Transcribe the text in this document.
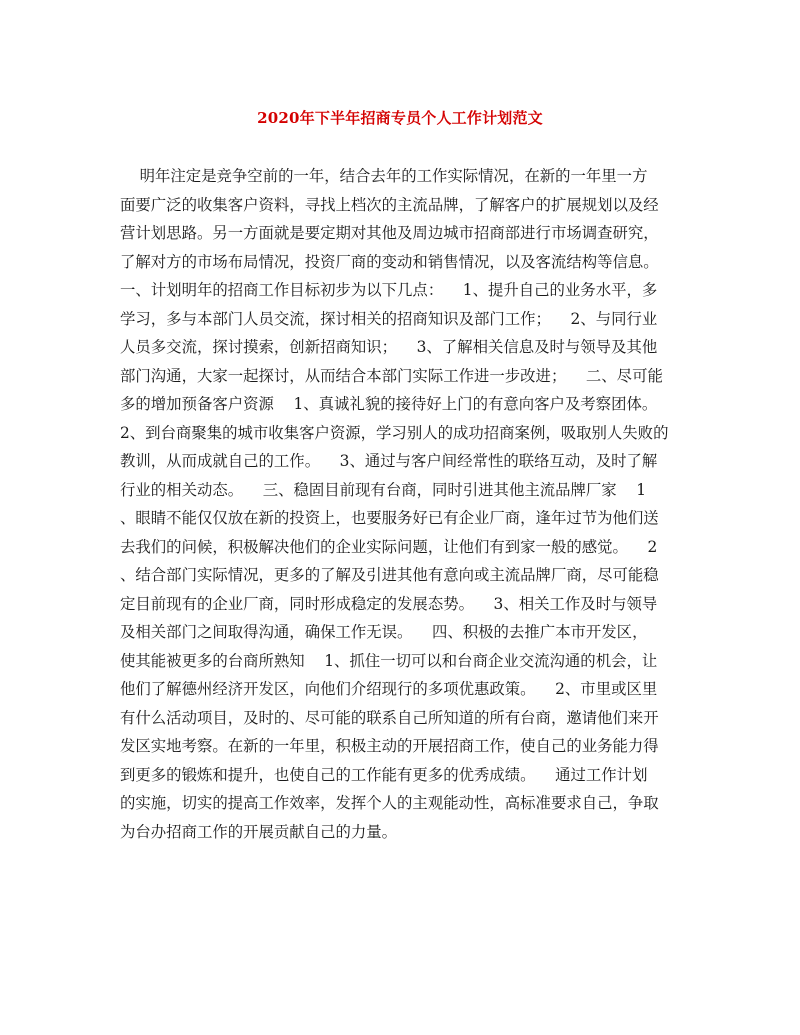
2020年下半年招商专员个人工作计划范文
明年注定是竞争空前的一年，结合去年的工作实际情况，在新的一年里一方
面要广泛的收集客户资料，寻找上档次的主流品牌，了解客户的扩展规划以及经
营计划思路。另一方面就是要定期对其他及周边城市招商部进行市场调查研究，
了解对方的市场布局情况，投资厂商的变动和销售情况，以及客流结构等信息。
一、计划明年的招商工作目标初步为以下几点：    1、提升自己的业务水平，多
学习，多与本部门人员交流，探讨相关的招商知识及部门工作；    2、与同行业
人员多交流，探讨摸索，创新招商知识；    3、了解相关信息及时与领导及其他
部门沟通，大家一起探讨，从而结合本部门实际工作进一步改进；    二、尽可能
多的增加预备客户资源    1、真诚礼貌的接待好上门的有意向客户及考察团体。
2、到台商聚集的城市收集客户资源，学习别人的成功招商案例，吸取别人失败的
教训，从而成就自己的工作。    3、通过与客户间经常性的联络互动，及时了解
行业的相关动态。    三、稳固目前现有台商，同时引进其他主流品牌厂家    1
、眼睛不能仅仅放在新的投资上，也要服务好已有企业厂商，逢年过节为他们送
去我们的问候，积极解决他们的企业实际问题，让他们有到家一般的感觉。    2
、结合部门实际情况，更多的了解及引进其他有意向或主流品牌厂商，尽可能稳
定目前现有的企业厂商，同时形成稳定的发展态势。    3、相关工作及时与领导
及相关部门之间取得沟通，确保工作无误。    四、积极的去推广本市开发区，
使其能被更多的台商所熟知    1、抓住一切可以和台商企业交流沟通的机会，让
他们了解德州经济开发区，向他们介绍现行的多项优惠政策。    2、市里或区里
有什么活动项目，及时的、尽可能的联系自己所知道的所有台商，邀请他们来开
发区实地考察。在新的一年里，积极主动的开展招商工作，使自己的业务能力得
到更多的锻炼和提升，也使自己的工作能有更多的优秀成绩。    通过工作计划
的实施，切实的提高工作效率，发挥个人的主观能动性，高标准要求自己，争取
为台办招商工作的开展贡献自己的力量。
